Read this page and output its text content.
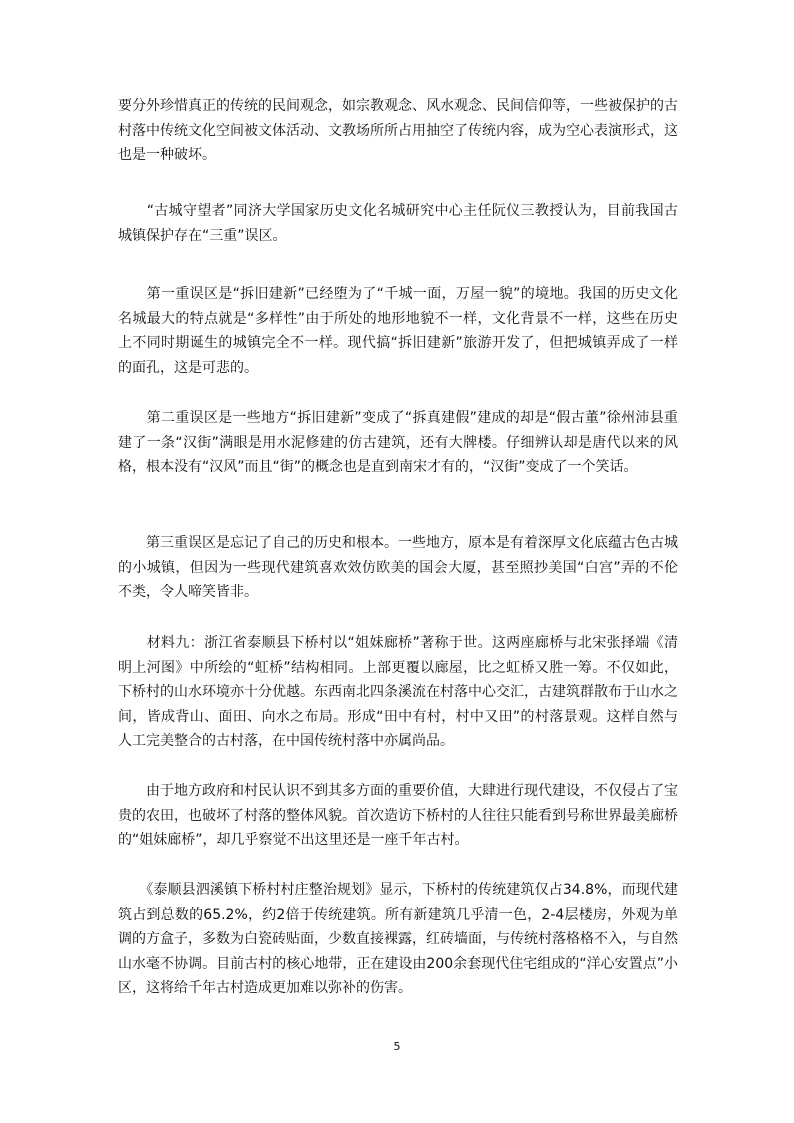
要分外珍惜真正的传统的民间观念，如宗教观念、风水观念、民间信仰等，一些被保护的古村落中传统文化空间被文体活动、文教场所所占用抽空了传统内容，成为空心表演形式，这也是一种破坏。

　　“古城守望者”同济大学国家历史文化名城研究中心主任阮仪三教授认为，目前我国古城镇保护存在“三重”误区。

　　第一重误区是“拆旧建新”已经堕为了“千城一面，万屋一貌”的境地。我国的历史文化名城最大的特点就是“多样性”由于所处的地形地貌不一样，文化背景不一样，这些在历史上不同时期诞生的城镇完全不一样。现代搞“拆旧建新”旅游开发了，但把城镇弄成了一样的面孔，这是可悲的。

　　第二重误区是一些地方“拆旧建新”变成了“拆真建假”建成的却是“假古董”徐州沛县重建了一条“汉街”满眼是用水泥修建的仿古建筑，还有大牌楼。仔细辨认却是唐代以来的风格，根本没有“汉风”而且“街”的概念也是直到南宋才有的，“汉街”变成了一个笑话。

　　第三重误区是忘记了自己的历史和根本。一些地方，原本是有着深厚文化底蕴古色古城的小城镇，但因为一些现代建筑喜欢效仿欧美的国会大厦，甚至照抄美国“白宫”弄的不伦不类，令人啼笑皆非。

　　材料九：浙江省泰顺县下桥村以“姐妹廊桥”著称于世。这两座廊桥与北宋张择端《清明上河图》中所绘的“虹桥”结构相同。上部更覆以廊屋，比之虹桥又胜一筹。不仅如此，下桥村的山水环境亦十分优越。东西南北四条溪流在村落中心交汇，古建筑群散布于山水之间，皆成背山、面田、向水之布局。形成“田中有村，村中又田”的村落景观。这样自然与人工完美整合的古村落，在中国传统村落中亦属尚品。

　　由于地方政府和村民认识不到其多方面的重要价值，大肆进行现代建设，不仅侵占了宝贵的农田，也破坏了村落的整体风貌。首次造访下桥村的人往往只能看到号称世界最美廊桥的“姐妹廊桥”，却几乎察觉不出这里还是一座千年古村。

　　《泰顺县泗溪镇下桥村村庄整治规划》显示，下桥村的传统建筑仅占34.8%，而现代建筑占到总数的65.2%，约2倍于传统建筑。所有新建筑几乎清一色，2-4层楼房，外观为单调的方盒子，多数为白瓷砖贴面，少数直接裸露，红砖墙面，与传统村落格格不入，与自然山水毫不协调。目前古村的核心地带，正在建设由200余套现代住宅组成的“洋心安置点”小区，这将给千年古村造成更加难以弥补的伤害。

5
